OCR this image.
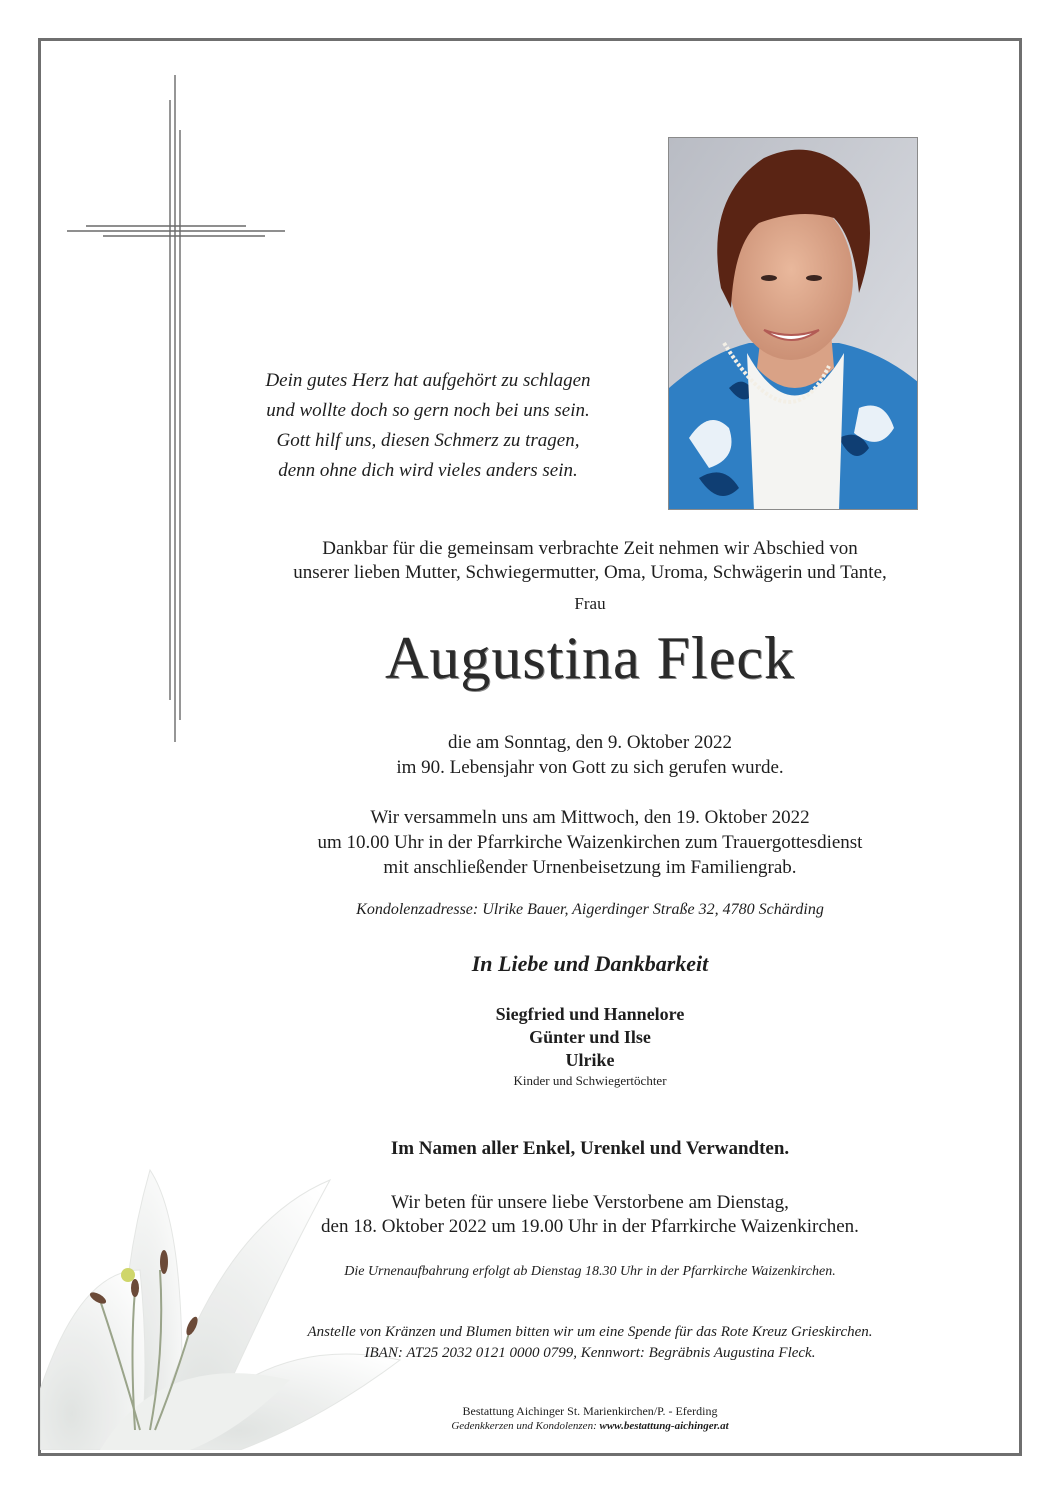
Dein gutes Herz hat aufgehört zu schlagen
und wollte doch so gern noch bei uns sein.
Gott hilf uns, diesen Schmerz zu tragen,
denn ohne dich wird vieles anders sein.
Dankbar für die gemeinsam verbrachte Zeit nehmen wir Abschied von
unserer lieben Mutter, Schwiegermutter, Oma, Uroma, Schwägerin und Tante,
Frau
Augustina Fleck
die am Sonntag, den 9. Oktober 2022
im 90. Lebensjahr von Gott zu sich gerufen wurde.
Wir versammeln uns am Mittwoch, den 19. Oktober 2022
um 10.00 Uhr in der Pfarrkirche Waizenkirchen zum Trauergottesdienst
mit anschließender Urnenbeisetzung im Familiengrab.
Kondolenzadresse: Ulrike Bauer, Aigerdinger Straße 32, 4780 Schärding
In Liebe und Dankbarkeit
Siegfried und Hannelore
Günter und Ilse
Ulrike
Kinder und Schwiegertöchter
Im Namen aller Enkel, Urenkel und Verwandten.
Wir beten für unsere liebe Verstorbene am Dienstag,
den 18. Oktober 2022 um 19.00 Uhr in der Pfarrkirche Waizenkirchen.
Die Urnenaufbahrung erfolgt ab Dienstag 18.30 Uhr in der Pfarrkirche Waizenkirchen.
Anstelle von Kränzen und Blumen bitten wir um eine Spende für das Rote Kreuz Grieskirchen.
IBAN: AT25 2032 0121 0000 0799, Kennwort: Begräbnis Augustina Fleck.
Bestattung Aichinger St. Marienkirchen/P. - Eferding
Gedenkkerzen und Kondolenzen: www.bestattung-aichinger.at
